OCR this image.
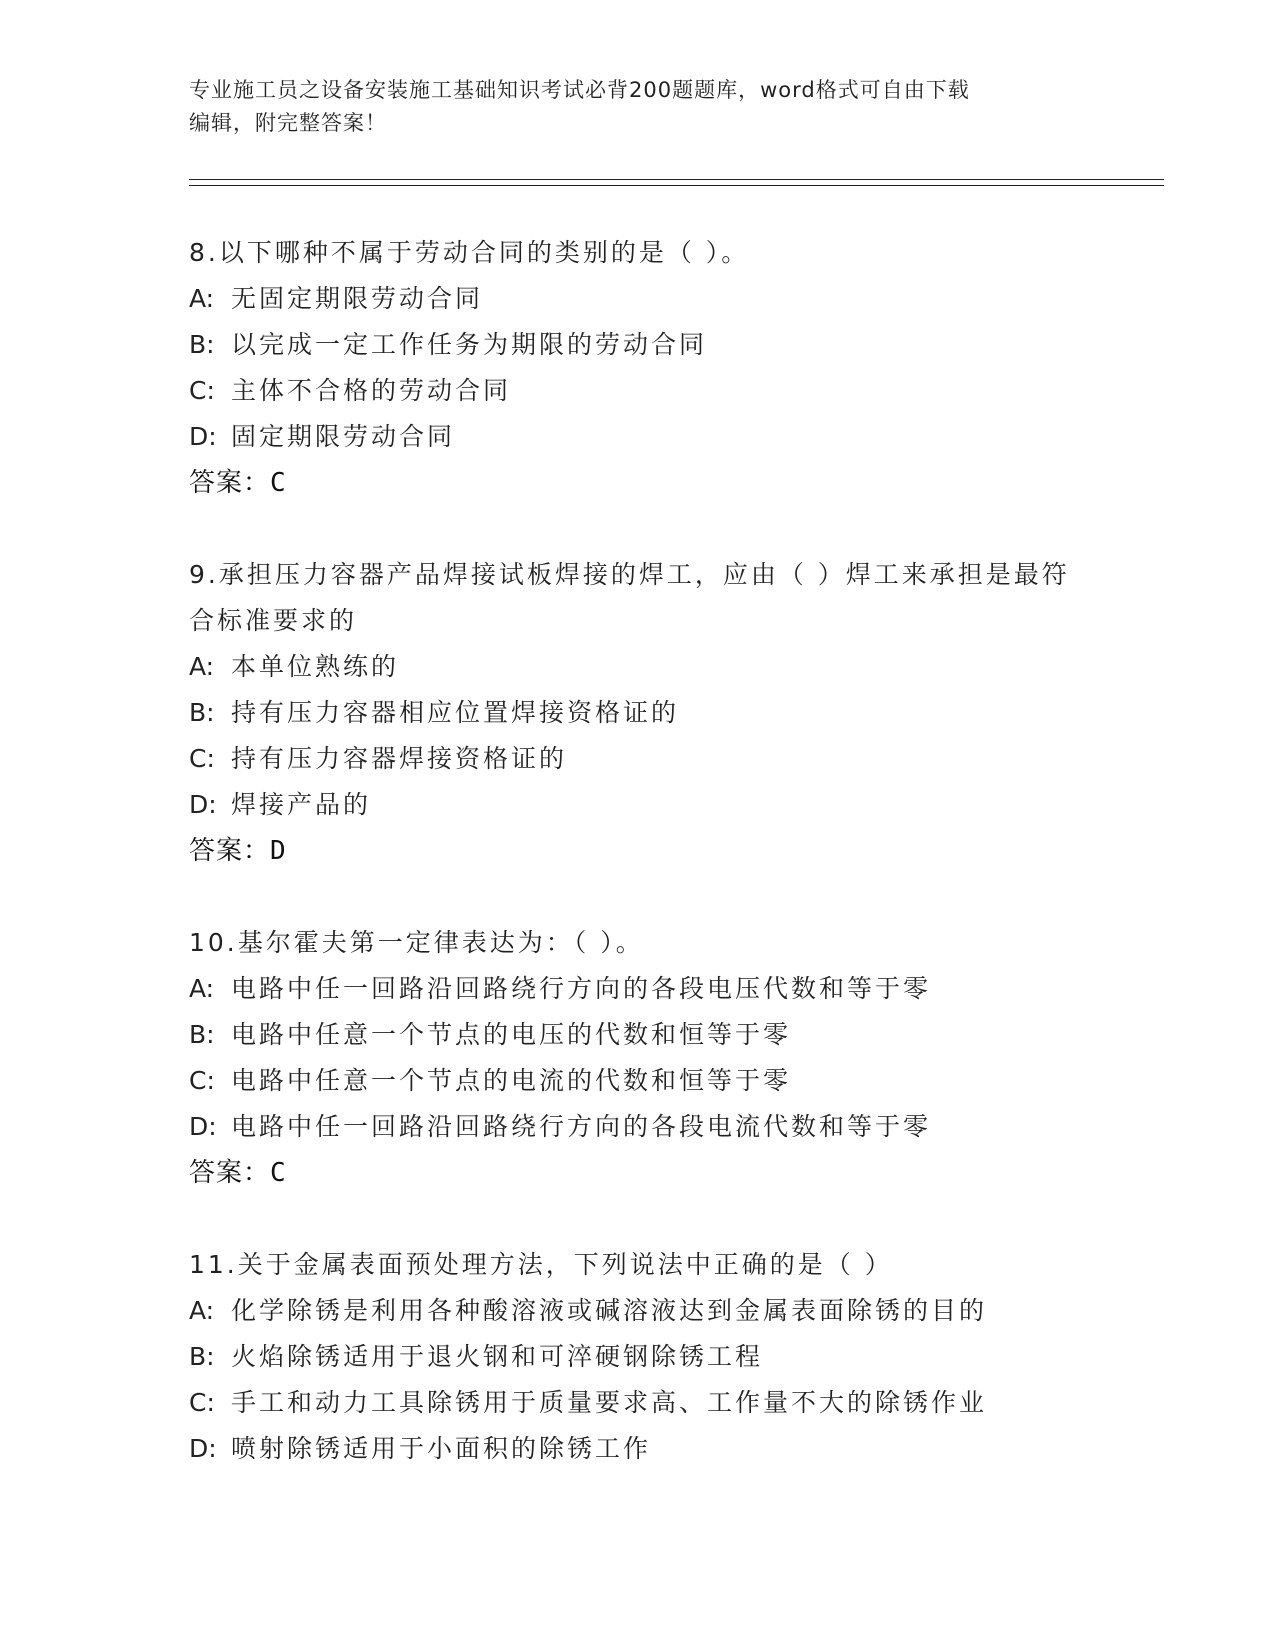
专业施工员之设备安装施工基础知识考试必背200题题库，word格式可自由下载
编辑，附完整答案！
8.以下哪种不属于劳动合同的类别的是（ ）。
A: 无固定期限劳动合同
B: 以完成一定工作任务为期限的劳动合同
C: 主体不合格的劳动合同
D: 固定期限劳动合同
答案：C
9.承担压力容器产品焊接试板焊接的焊工，应由（ ）焊工来承担是最符合标准要求的
A: 本单位熟练的
B: 持有压力容器相应位置焊接资格证的
C: 持有压力容器焊接资格证的
D: 焊接产品的
答案：D
10.基尔霍夫第一定律表达为：（ ）。
A: 电路中任一回路沿回路绕行方向的各段电压代数和等于零
B: 电路中任意一个节点的电压的代数和恒等于零
C: 电路中任意一个节点的电流的代数和恒等于零
D: 电路中任一回路沿回路绕行方向的各段电流代数和等于零
答案：C
11.关于金属表面预处理方法，下列说法中正确的是（ ）
A: 化学除锈是利用各种酸溶液或碱溶液达到金属表面除锈的目的
B: 火焰除锈适用于退火钢和可淬硬钢除锈工程
C: 手工和动力工具除锈用于质量要求高、工作量不大的除锈作业
D: 喷射除锈适用于小面积的除锈工作
